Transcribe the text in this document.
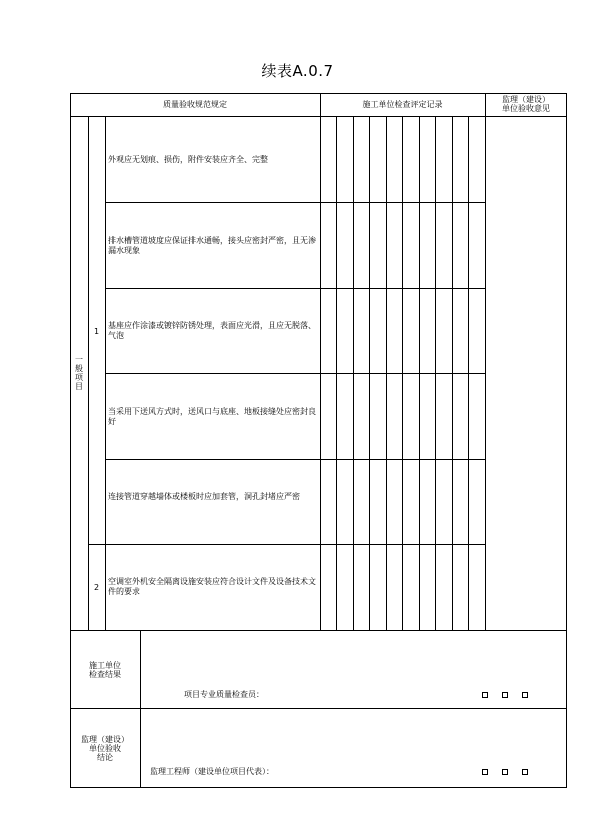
续表A.0.7
质量验收规范规定	施工单位检查评定记录
监理（建设）
单位验收意见
一般项目
1
2
外观应无划痕、损伤，附件安装应齐全、完整
排水槽管道坡度应保证排水通畅，接头应密封严密，且无渗漏水现象
基座应作涂漆或镀锌防锈处理，表面应光滑，且应无脱落、气泡
当采用下送风方式时，送风口与底座、地板接缝处应密封良好
连接管道穿越墙体或楼板时应加套管，洞孔封堵应严密
空调室外机安全隔离设施安装应符合设计文件及设备技术文件的要求
施工单位
检查结果
项目专业质量检查员：
监理（建设）
单位验收
结论
监理工程师（建设单位项目代表）：
